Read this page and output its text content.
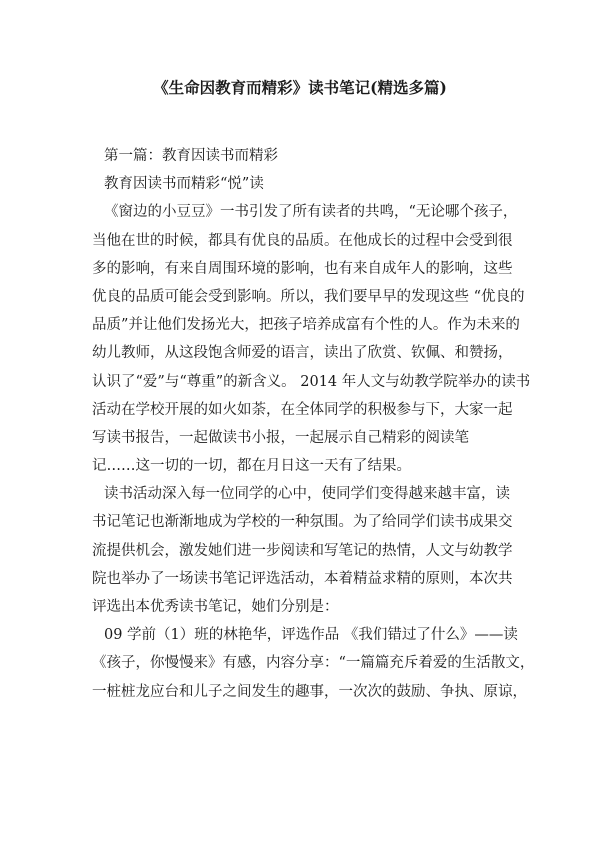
《生命因教育而精彩》读书笔记(精选多篇)
第一篇：教育因读书而精彩
教育因读书而精彩“悦”读
《窗边的小豆豆》一书引发了所有读者的共鸣，“无论哪个孩子，
当他在世的时候，都具有优良的品质。在他成长的过程中会受到很
多的影响，有来自周围环境的影响，也有来自成年人的影响，这些
优良的品质可能会受到影响。所以，我们要早早的发现这些 “优良的
品质”并让他们发扬光大，把孩子培养成富有个性的人。作为未来的
幼儿教师，从这段饱含师爱的语言，读出了欣赏、钦佩、和赞扬，
认识了“爱”与“尊重”的新含义。 2014 年人文与幼教学院举办的读书
活动在学校开展的如火如荼，在全体同学的积极参与下，大家一起
写读书报告，一起做读书小报，一起展示自己精彩的阅读笔
记……这一切的一切，都在月日这一天有了结果。
读书活动深入每一位同学的心中，使同学们变得越来越丰富，读
书记笔记也渐渐地成为学校的一种氛围。为了给同学们读书成果交
流提供机会，激发她们进一步阅读和写笔记的热情，人文与幼教学
院也举办了一场读书笔记评选活动，本着精益求精的原则，本次共
评选出本优秀读书笔记，她们分别是：
09 学前（1）班的林艳华，评选作品 《我们错过了什么》——读
《孩子，你慢慢来》有感，内容分享：“一篇篇充斥着爱的生活散文，
一桩桩龙应台和儿子之间发生的趣事，一次次的鼓励、争执、原谅，
